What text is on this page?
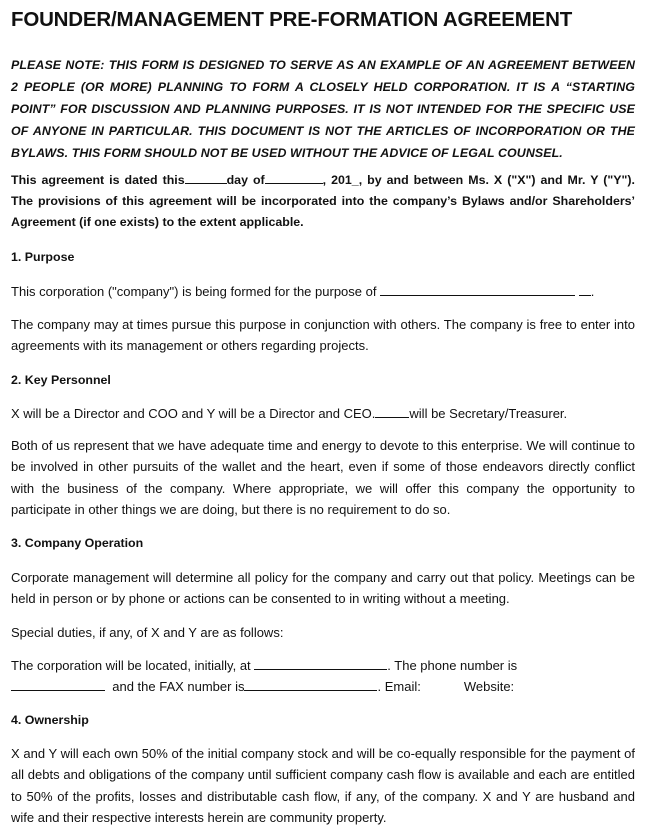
FOUNDER/MANAGEMENT PRE-FORMATION AGREEMENT
PLEASE NOTE: THIS FORM IS DESIGNED TO SERVE AS AN EXAMPLE OF AN AGREEMENT BETWEEN 2 PEOPLE (OR MORE) PLANNING TO FORM A CLOSELY HELD CORPORATION. IT IS A “STARTING POINT” FOR DISCUSSION AND PLANNING PURPOSES. IT IS NOT INTENDED FOR THE SPECIFIC USE OF ANYONE IN PARTICULAR. THIS DOCUMENT IS NOT THE ARTICLES OF INCORPORATION OR THE BYLAWS. THIS FORM SHOULD NOT BE USED WITHOUT THE ADVICE OF LEGAL COUNSEL.
This agreement is dated this	day of	, 201_, by and between Ms. X ("X") and Mr. Y ("Y"). The provisions of this agreement will be incorporated into the company’s Bylaws and/or Shareholders’ Agreement (if one exists) to the extent applicable.
1. Purpose
This corporation ("company") is being formed for the purpose of	.
The company may at times pursue this purpose in conjunction with others. The company is free to enter into agreements with its management or others regarding projects.
2. Key Personnel
X will be a Director and COO and Y will be a Director and CEO.	will be Secretary/Treasurer.
Both of us represent that we have adequate time and energy to devote to this enterprise. We will continue to be involved in other pursuits of the wallet and the heart, even if some of those endeavors directly conflict with the business of the company. Where appropriate, we will offer this company the opportunity to participate in other things we are doing, but there is no requirement to do so.
3. Company Operation
Corporate management will determine all policy for the company and carry out that policy. Meetings can be held in person or by phone or actions can be consented to in writing without a meeting.
Special duties, if any, of X and Y are as follows:
The corporation will be located, initially, at	. The phone number is
and the FAX number is	. Email:	Website:
4. Ownership
X and Y will each own 50% of the initial company stock and will be co-equally responsible for the payment of all debts and obligations of the company until sufficient company cash flow is available and each are entitled to 50% of the profits, losses and distributable cash flow, if any, of the company. X and Y are husband and wife and their respective interests herein are community property.
